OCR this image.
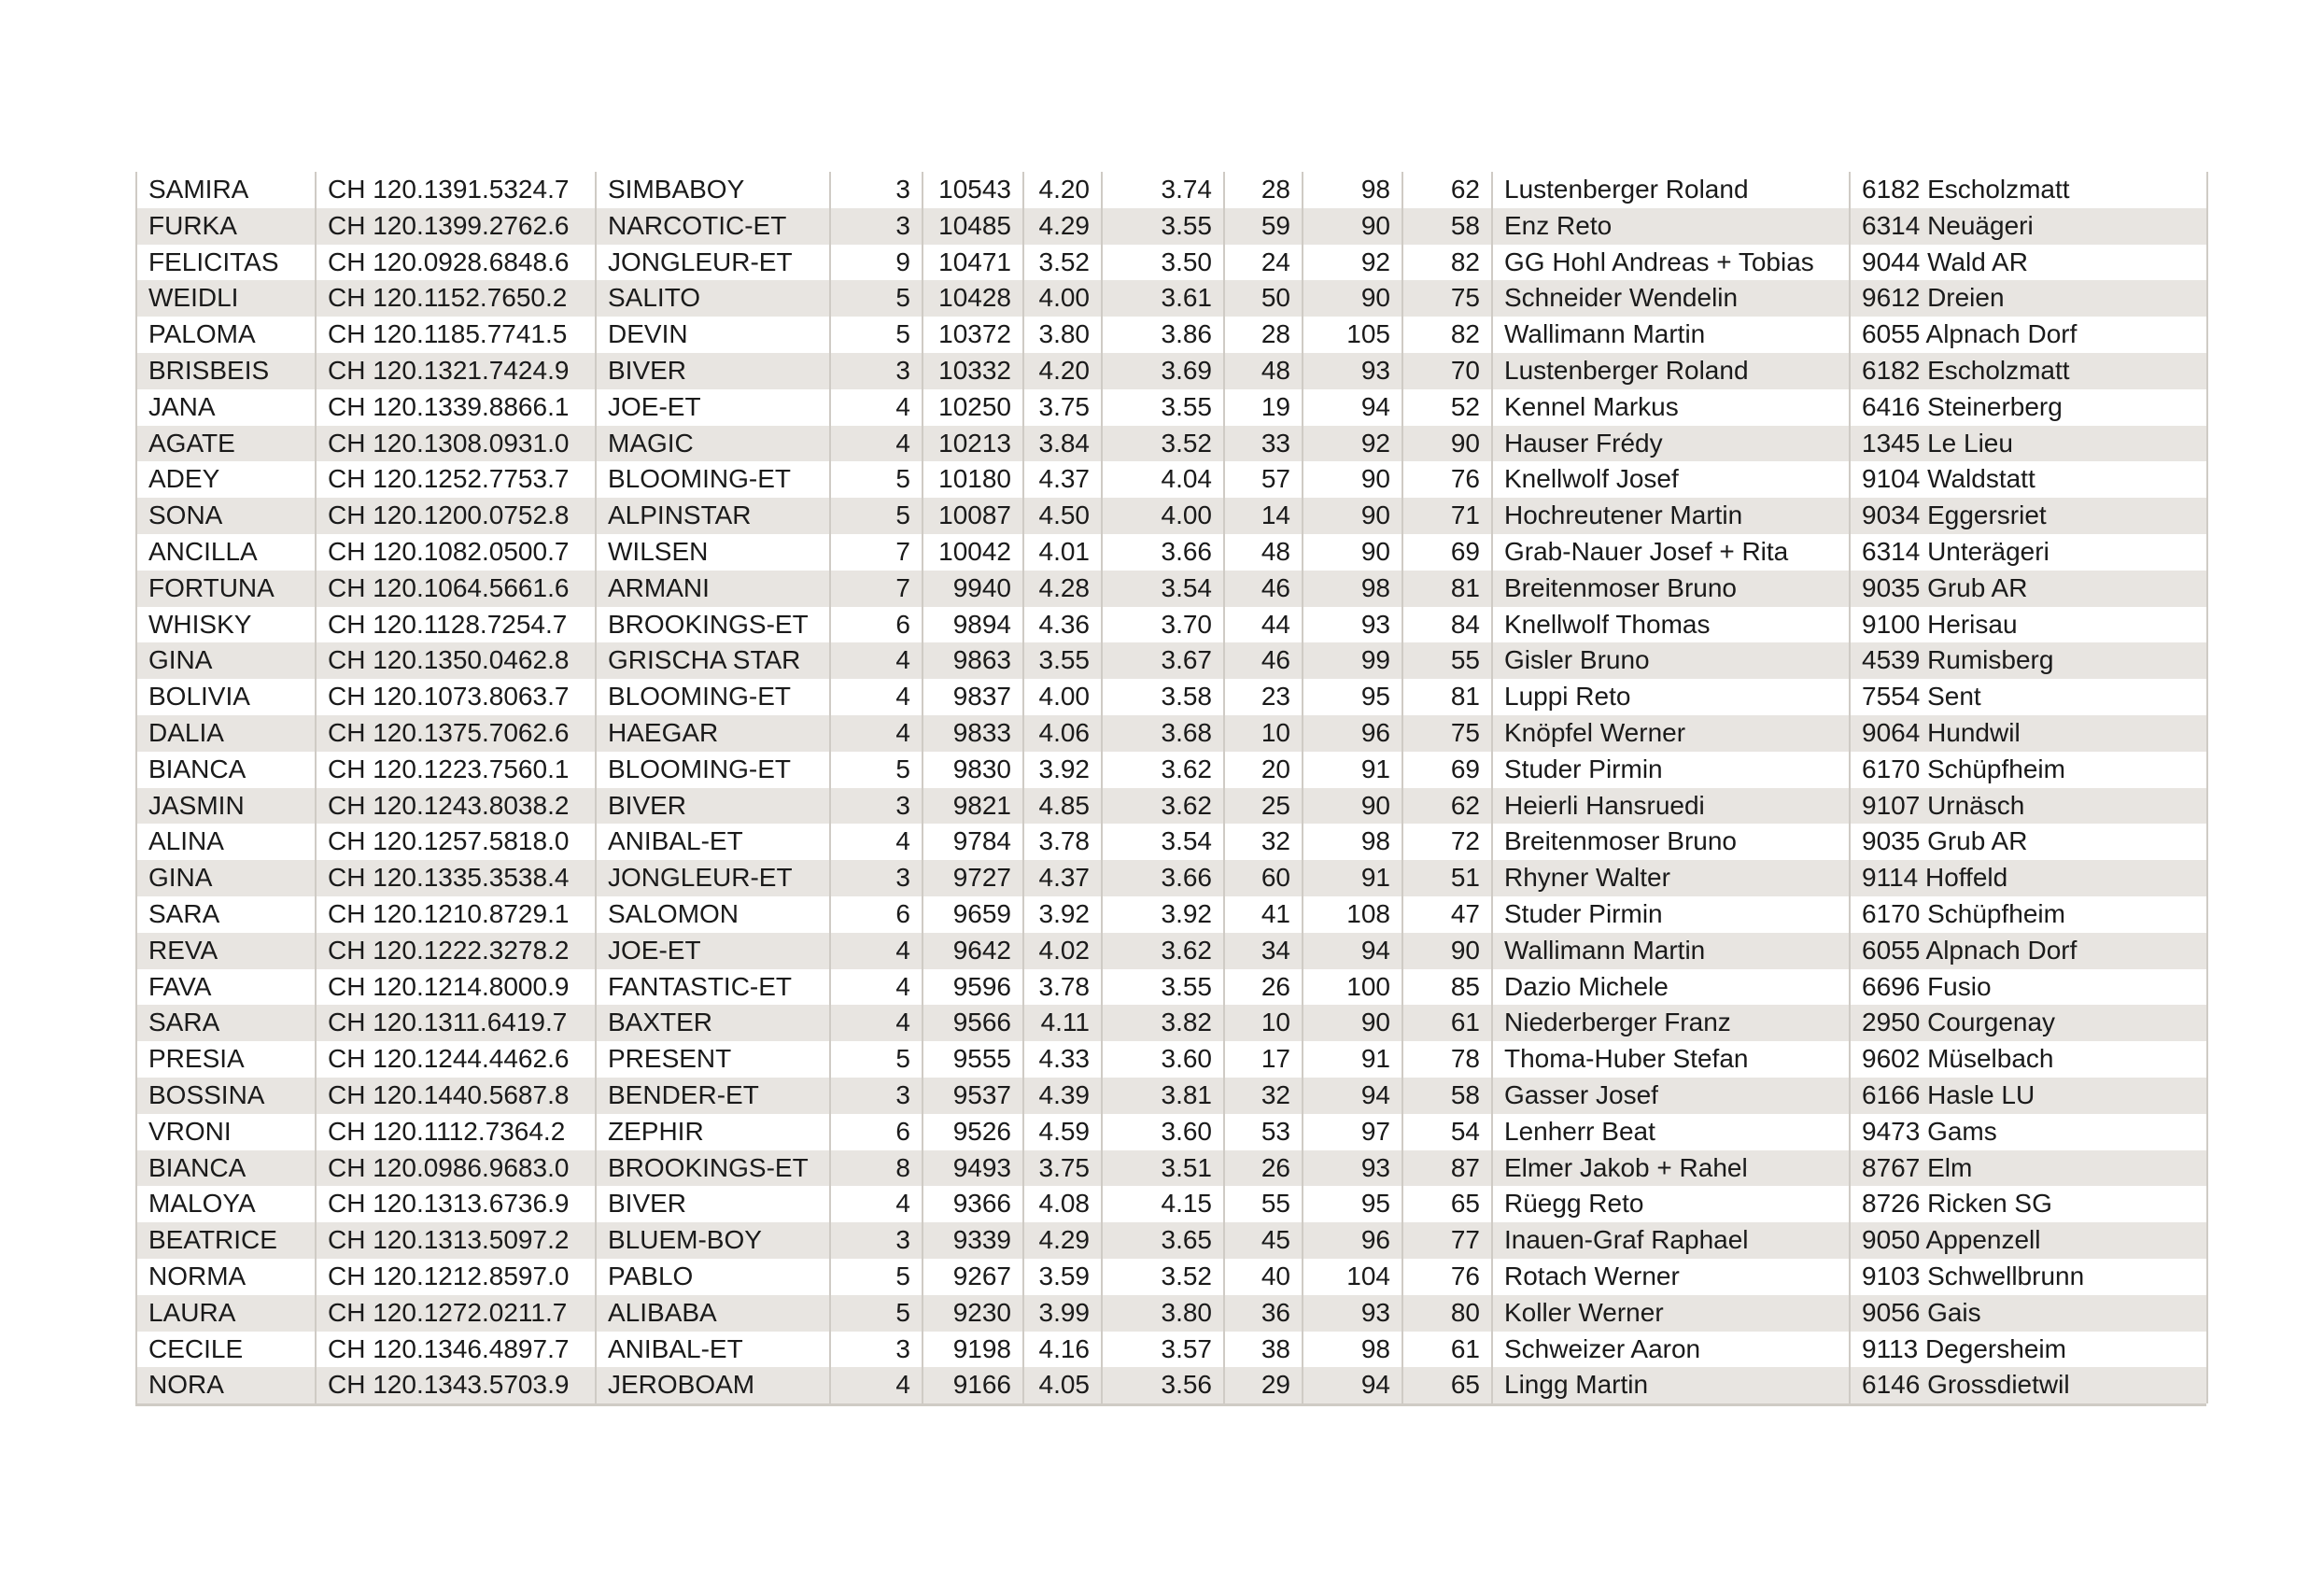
SAMIRA	CH 120.1391.5324.7	SIMBABOY	3	10543	4.20	3.74	28	98	62	Lustenberger Roland	6182 Escholzmatt
FURKA	CH 120.1399.2762.6	NARCOTIC-ET	3	10485	4.29	3.55	59	90	58	Enz Reto	6314 Neuägeri
FELICITAS	CH 120.0928.6848.6	JONGLEUR-ET	9	10471	3.52	3.50	24	92	82	GG Hohl Andreas + Tobias	9044 Wald AR
WEIDLI	CH 120.1152.7650.2	SALITO	5	10428	4.00	3.61	50	90	75	Schneider Wendelin	9612 Dreien
PALOMA	CH 120.1185.7741.5	DEVIN	5	10372	3.80	3.86	28	105	82	Wallimann Martin	6055 Alpnach Dorf
BRISBEIS	CH 120.1321.7424.9	BIVER	3	10332	4.20	3.69	48	93	70	Lustenberger Roland	6182 Escholzmatt
JANA	CH 120.1339.8866.1	JOE-ET	4	10250	3.75	3.55	19	94	52	Kennel Markus	6416 Steinerberg
AGATE	CH 120.1308.0931.0	MAGIC	4	10213	3.84	3.52	33	92	90	Hauser Frédy	1345 Le Lieu
ADEY	CH 120.1252.7753.7	BLOOMING-ET	5	10180	4.37	4.04	57	90	76	Knellwolf Josef	9104 Waldstatt
SONA	CH 120.1200.0752.8	ALPINSTAR	5	10087	4.50	4.00	14	90	71	Hochreutener Martin	9034 Eggersriet
ANCILLA	CH 120.1082.0500.7	WILSEN	7	10042	4.01	3.66	48	90	69	Grab-Nauer Josef + Rita	6314 Unterägeri
FORTUNA	CH 120.1064.5661.6	ARMANI	7	9940	4.28	3.54	46	98	81	Breitenmoser Bruno	9035 Grub AR
WHISKY	CH 120.1128.7254.7	BROOKINGS-ET	6	9894	4.36	3.70	44	93	84	Knellwolf Thomas	9100 Herisau
GINA	CH 120.1350.0462.8	GRISCHA STAR	4	9863	3.55	3.67	46	99	55	Gisler Bruno	4539 Rumisberg
BOLIVIA	CH 120.1073.8063.7	BLOOMING-ET	4	9837	4.00	3.58	23	95	81	Luppi Reto	7554 Sent
DALIA	CH 120.1375.7062.6	HAEGAR	4	9833	4.06	3.68	10	96	75	Knöpfel Werner	9064 Hundwil
BIANCA	CH 120.1223.7560.1	BLOOMING-ET	5	9830	3.92	3.62	20	91	69	Studer Pirmin	6170 Schüpfheim
JASMIN	CH 120.1243.8038.2	BIVER	3	9821	4.85	3.62	25	90	62	Heierli Hansruedi	9107 Urnäsch
ALINA	CH 120.1257.5818.0	ANIBAL-ET	4	9784	3.78	3.54	32	98	72	Breitenmoser Bruno	9035 Grub AR
GINA	CH 120.1335.3538.4	JONGLEUR-ET	3	9727	4.37	3.66	60	91	51	Rhyner Walter	9114 Hoffeld
SARA	CH 120.1210.8729.1	SALOMON	6	9659	3.92	3.92	41	108	47	Studer Pirmin	6170 Schüpfheim
REVA	CH 120.1222.3278.2	JOE-ET	4	9642	4.02	3.62	34	94	90	Wallimann Martin	6055 Alpnach Dorf
FAVA	CH 120.1214.8000.9	FANTASTIC-ET	4	9596	3.78	3.55	26	100	85	Dazio Michele	6696 Fusio
SARA	CH 120.1311.6419.7	BAXTER	4	9566	4.11	3.82	10	90	61	Niederberger Franz	2950 Courgenay
PRESIA	CH 120.1244.4462.6	PRESENT	5	9555	4.33	3.60	17	91	78	Thoma-Huber Stefan	9602 Müselbach
BOSSINA	CH 120.1440.5687.8	BENDER-ET	3	9537	4.39	3.81	32	94	58	Gasser Josef	6166 Hasle LU
VRONI	CH 120.1112.7364.2	ZEPHIR	6	9526	4.59	3.60	53	97	54	Lenherr Beat	9473 Gams
BIANCA	CH 120.0986.9683.0	BROOKINGS-ET	8	9493	3.75	3.51	26	93	87	Elmer Jakob + Rahel	8767 Elm
MALOYA	CH 120.1313.6736.9	BIVER	4	9366	4.08	4.15	55	95	65	Rüegg Reto	8726 Ricken SG
BEATRICE	CH 120.1313.5097.2	BLUEM-BOY	3	9339	4.29	3.65	45	96	77	Inauen-Graf Raphael	9050 Appenzell
NORMA	CH 120.1212.8597.0	PABLO	5	9267	3.59	3.52	40	104	76	Rotach Werner	9103 Schwellbrunn
LAURA	CH 120.1272.0211.7	ALIBABA	5	9230	3.99	3.80	36	93	80	Koller Werner	9056 Gais
CECILE	CH 120.1346.4897.7	ANIBAL-ET	3	9198	4.16	3.57	38	98	61	Schweizer Aaron	9113 Degersheim
NORA	CH 120.1343.5703.9	JEROBOAM	4	9166	4.05	3.56	29	94	65	Lingg Martin	6146 Grossdietwil
